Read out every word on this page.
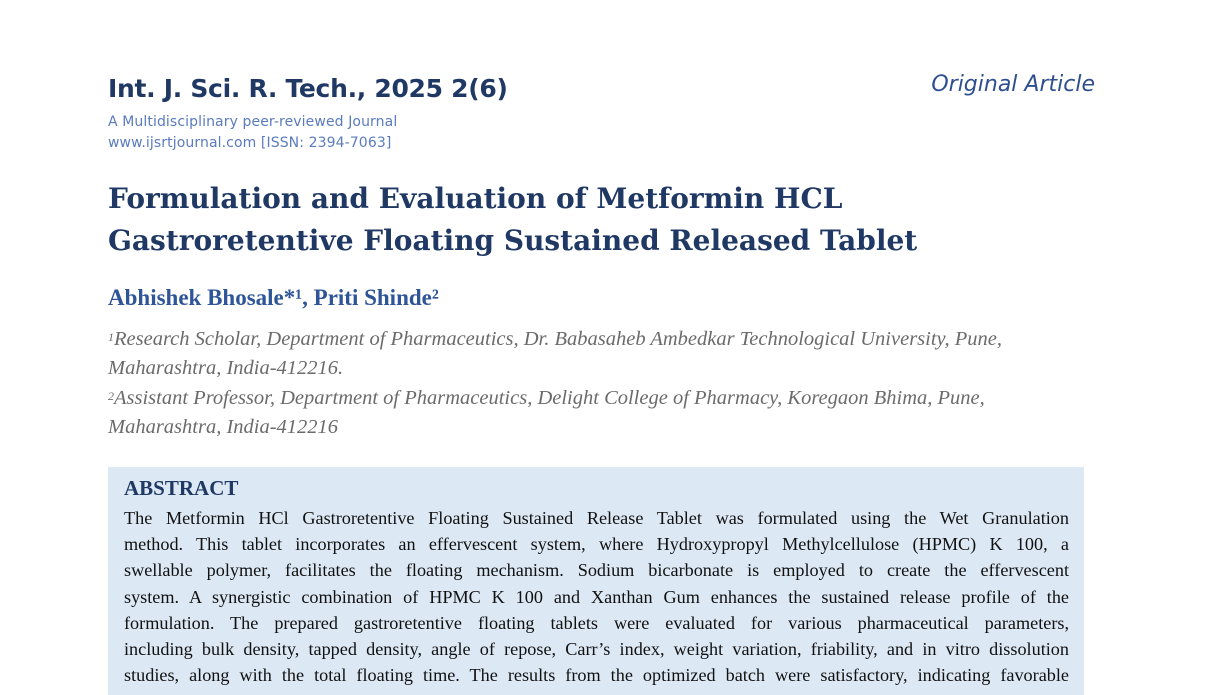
Int. J. Sci. R. Tech., 2025 2(6)	Original Article
A Multidisciplinary peer-reviewed Journal
www.ijsrtjournal.com [ISSN: 2394-7063]
Formulation and Evaluation of Metformin HCL
Gastroretentive Floating Sustained Released Tablet
Abhishek Bhosale*¹, Priti Shinde²
$^1$Research Scholar, Department of Pharmaceutics, Dr. Babasaheb Ambedkar Technological University, Pune,
Maharashtra, India-412216.
$^2$Assistant Professor, Department of Pharmaceutics, Delight College of Pharmacy, Koregaon Bhima, Pune,
Maharashtra, India-412216
ABSTRACT
The Metformin HCl Gastroretentive Floating Sustained Release Tablet was formulated using the Wet Granulation
method. This tablet incorporates an effervescent system, where Hydroxypropyl Methylcellulose (HPMC) K 100, a
swellable polymer, facilitates the floating mechanism. Sodium bicarbonate is employed to create the effervescent
system. A synergistic combination of HPMC K 100 and Xanthan Gum enhances the sustained release profile of the
formulation. The prepared gastroretentive floating tablets were evaluated for various pharmaceutical parameters,
including bulk density, tapped density, angle of repose, Carr’s index, weight variation, friability, and in vitro dissolution
studies, along with the total floating time. The results from the optimized batch were satisfactory, indicating favorable
